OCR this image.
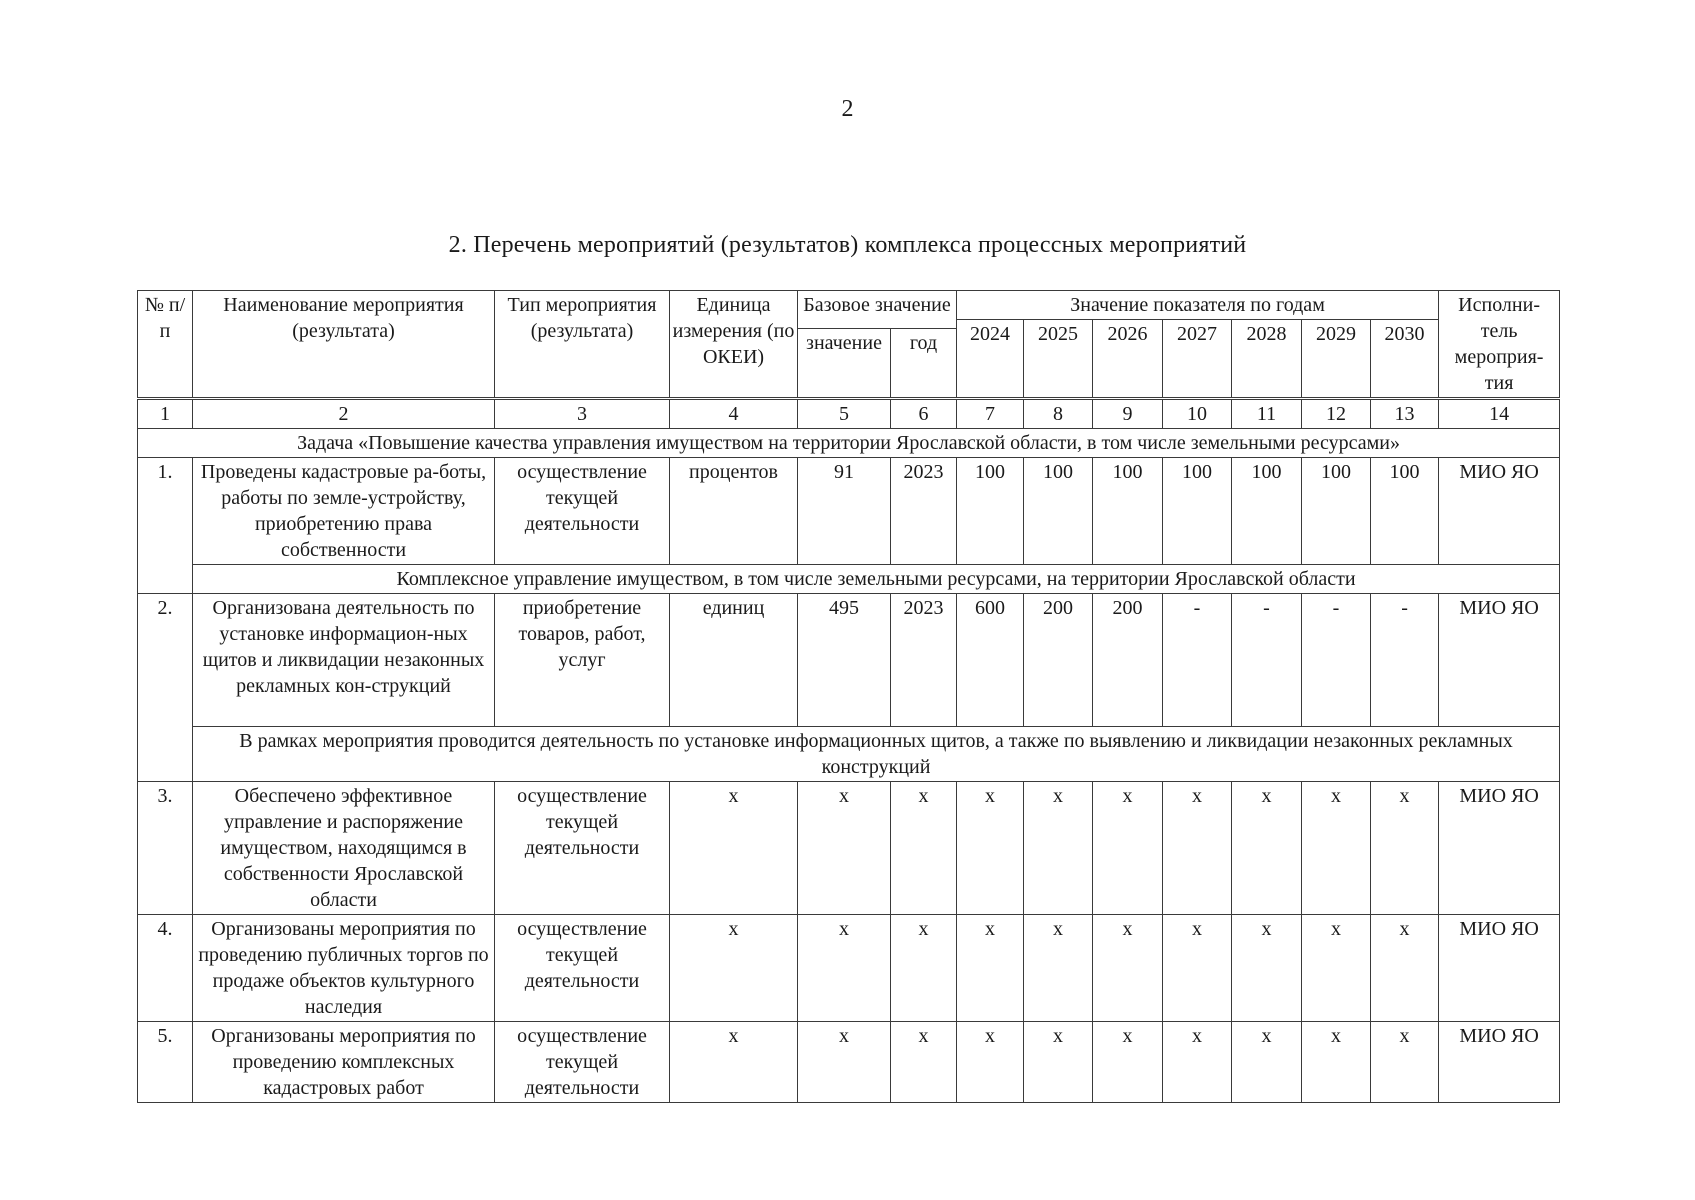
2
2. Перечень мероприятий (результатов) комплекса процессных мероприятий
№ п/п	Наименование мероприятия (результата)	Тип мероприятия (результата)	Единица измерения (по ОКЕИ)	Базовое значение		Значение показателя по годам							Исполни-тель мероприя-тия
						2024	2025	2026	2027	2028	2029	2030	
				значение	год								
1	2	3	4	5	6	7	8	9	10	11	12	13	14
Задача «Повышение качества управления имуществом на территории Ярославской области, в том числе земельными ресурсами»													
1.	Проведены кадастровые ра-боты, работы по земле-устройству, приобретению права собственности	осуществление текущей деятельности	процентов	91	2023	100	100	100	100	100	100	100	МИО ЯО
	Комплексное управление имуществом, в том числе земельными ресурсами, на территории Ярославской области												
2.	Организована деятельность по установке информацион-ных щитов и ликвидации незаконных рекламных кон-струкций	приобретение товаров, работ, услуг	единиц	495	2023	600	200	200	-	-	-	-	МИО ЯО
	В рамках мероприятия проводится деятельность по установке информационных щитов, а также по выявлению и ликвидации незаконных рекламных конструкций												
3.	Обеспечено эффективное управление и распоряжение имуществом, находящимся в собственности Ярославской области	осуществление текущей деятельности	х	х	х	х	х	х	х	х	х	х	МИО ЯО
4.	Организованы мероприятия по проведению публичных торгов по продаже объектов культурного наследия	осуществление текущей деятельности	х	х	х	х	х	х	х	х	х	х	МИО ЯО
5.	Организованы мероприятия по проведению комплексных кадастровых работ	осуществление текущей деятельности	х	х	х	х	х	х	х	х	х	х	МИО ЯО
